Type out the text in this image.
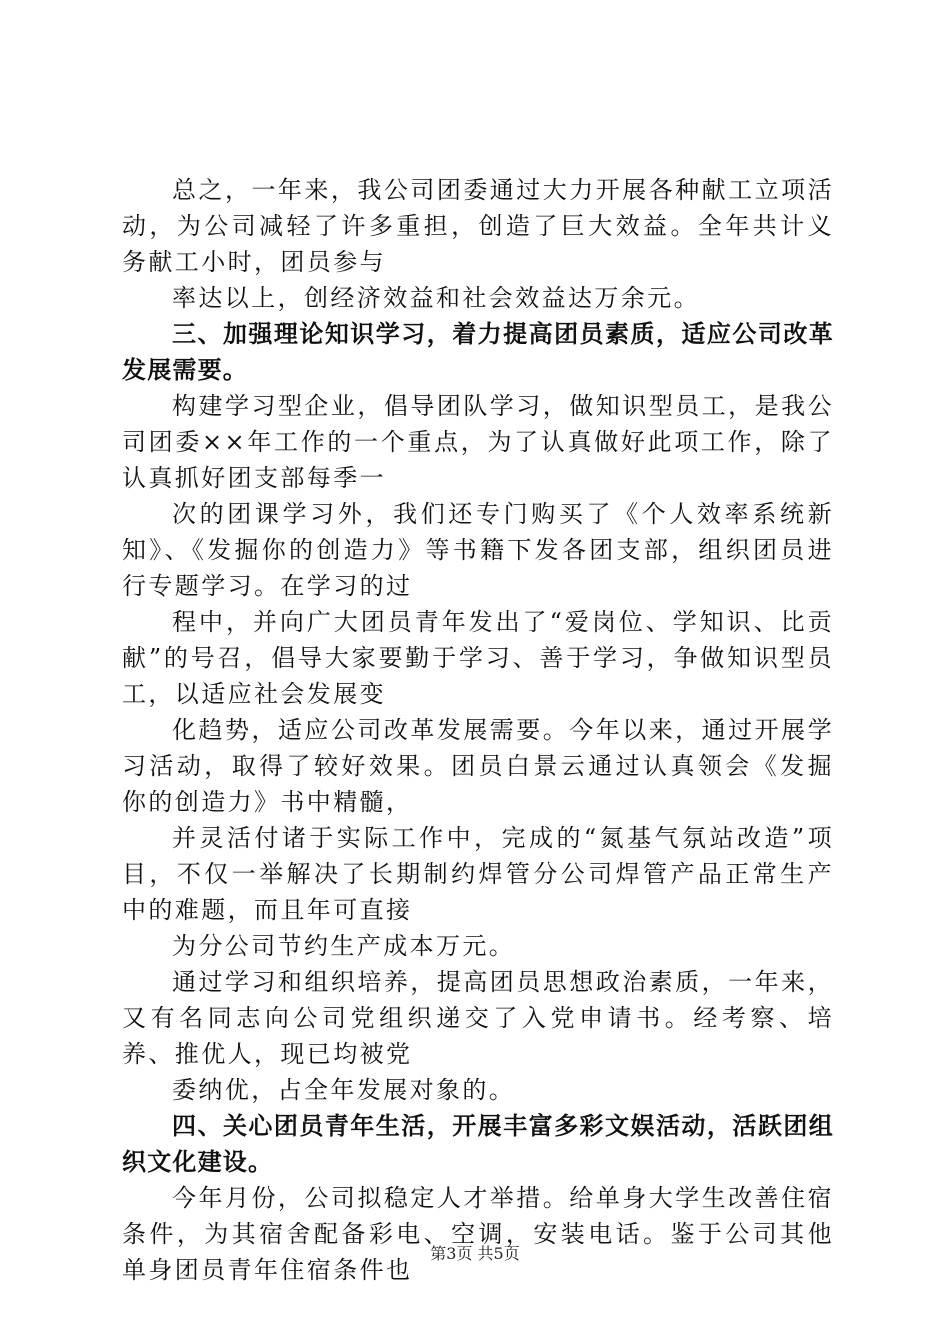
总之，一年来，我公司团委通过大力开展各种献工立项活动，为公司减轻了许多重担，创造了巨大效益。全年共计义务献工小时，团员参与

率达以上，创经济效益和社会效益达万余元。

三、加强理论知识学习，着力提高团员素质，适应公司改革发展需要。

构建学习型企业，倡导团队学习，做知识型员工，是我公司团委××年工作的一个重点，为了认真做好此项工作，除了认真抓好团支部每季一

次的团课学习外，我们还专门购买了《个人效率系统新知》、《发掘你的创造力》等书籍下发各团支部，组织团员进行专题学习。在学习的过

程中，并向广大团员青年发出了“爱岗位、学知识、比贡献”的号召，倡导大家要勤于学习、善于学习，争做知识型员工，以适应社会发展变

化趋势，适应公司改革发展需要。今年以来，通过开展学习活动，取得了较好效果。团员白景云通过认真领会《发掘你的创造力》书中精髓，

并灵活付诸于实际工作中，完成的“氮基气氛站改造”项目，不仅一举解决了长期制约焊管分公司焊管产品正常生产中的难题，而且年可直接

为分公司节约生产成本万元。

通过学习和组织培养，提高团员思想政治素质，一年来，又有名同志向公司党组织递交了入党申请书。经考察、培养、推优人，现已均被党

委纳优，占全年发展对象的。

四、关心团员青年生活，开展丰富多彩文娱活动，活跃团组织文化建设。

今年月份，公司拟稳定人才举措。给单身大学生改善住宿条件，为其宿舍配备彩电、空调，安装电话。鉴于公司其他单身团员青年住宿条件也

第3页 共5页
